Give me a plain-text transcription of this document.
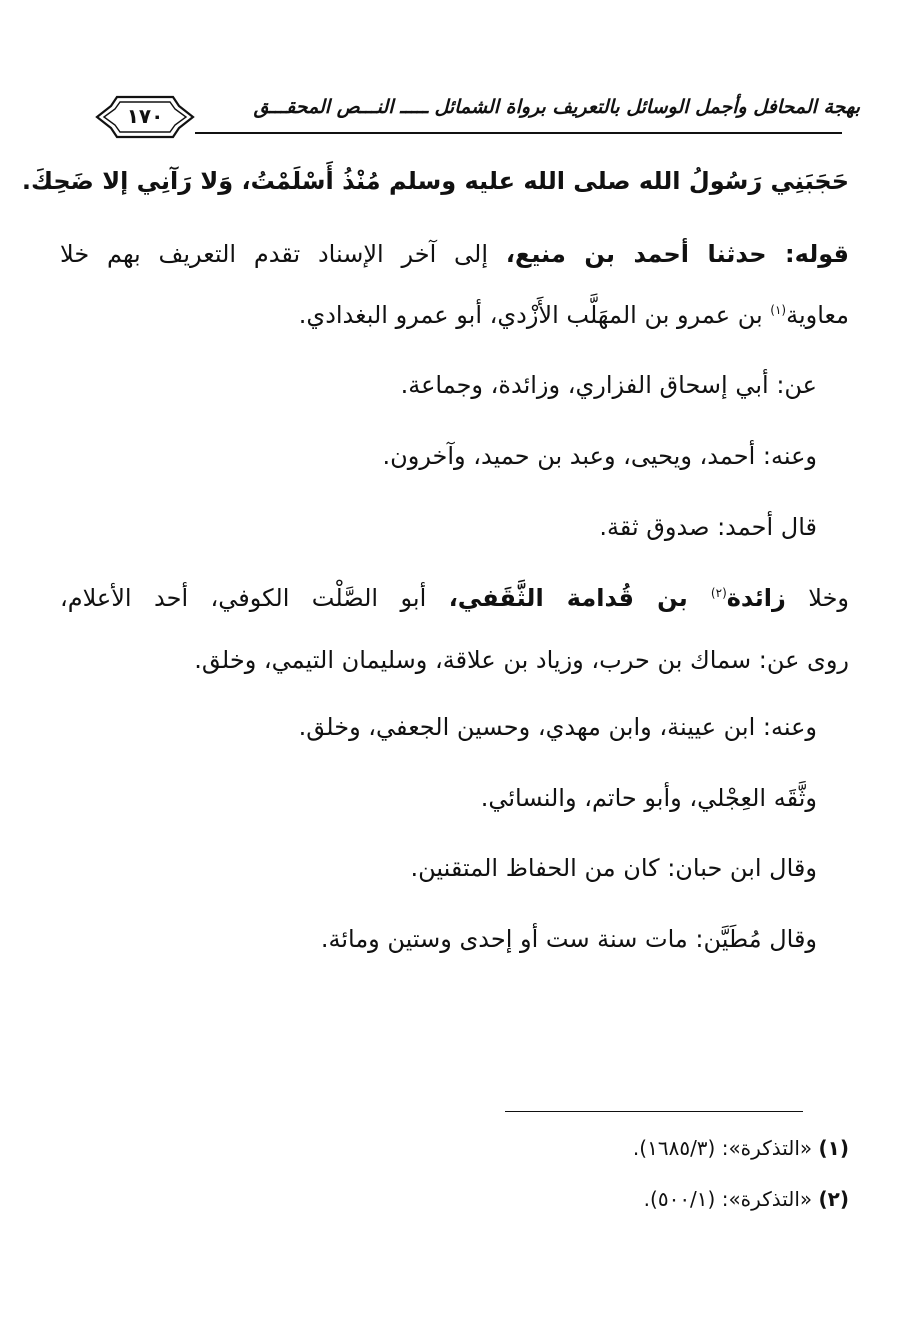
١٧٠	بهجة المحافل وأجمل الوسائل بالتعريف برواة الشمائل ـــــ النـــص المحقـــق
حَجَبَنِي رَسُولُ الله صلى الله عليه وسلم مُنْذُ أَسْلَمْتُ، وَلا رَآنِي إلا ضَحِكَ.
قوله: حدثنا أحمد بن منيع، إلى آخر الإسناد تقدم التعريف بهم خلا
معاوية$^{(١)}$ بن عمرو بن المهَلَّب الأَزْدي، أبو عمرو البغدادي.
عن: أبي إسحاق الفزاري، وزائدة، وجماعة.
وعنه: أحمد، ويحيى، وعبد بن حميد، وآخرون.
قال أحمد: صدوق ثقة.
وخلا زائدة$^{(٢)}$ بن قُدامة الثَّقَفي، أبو الصَّلْت الكوفي، أحد الأعلام،
روى عن: سماك بن حرب، وزياد بن علاقة، وسليمان التيمي، وخلق.
وعنه: ابن عيينة، وابن مهدي، وحسين الجعفي، وخلق.
وثَّقَه العِجْلي، وأبو حاتم، والنسائي.
وقال ابن حبان: كان من الحفاظ المتقنين.
وقال مُطَيَّن: مات سنة ست أو إحدى وستين ومائة.
(١) «التذكرة»: (١٦٨٥/٣).
(٢) «التذكرة»: (٥٠٠/١).
